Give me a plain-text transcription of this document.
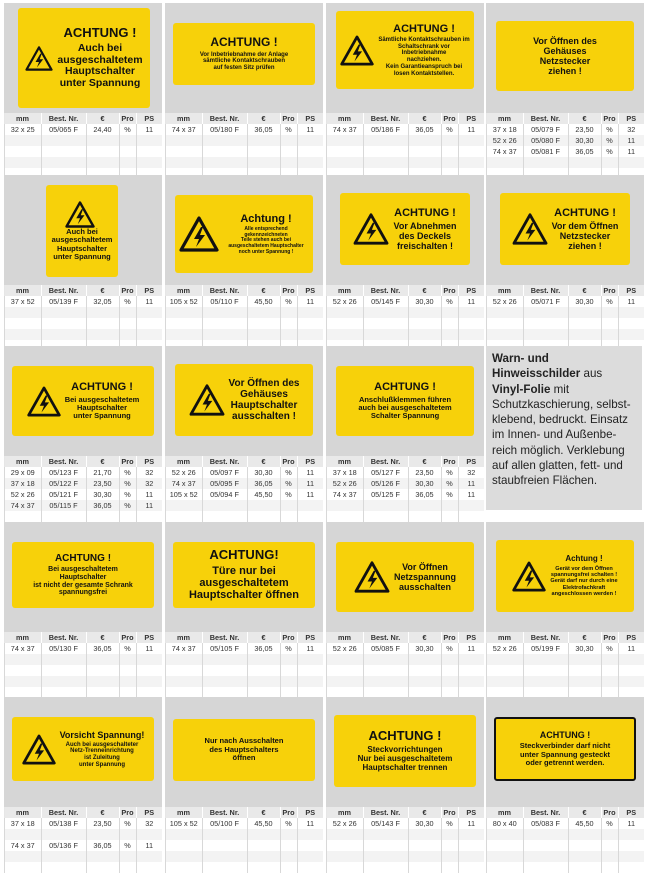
ACHTUNG !
Auch bei
ausgeschaltetem
Hauptschalter
unter Spannung
mm	Best. Nr.	€	Pro	PS
32 x 25	05/065 F	24,40	%	11

ACHTUNG !
Vor Inbetriebnahme der Anlage
sämtliche Kontaktschrauben
auf festen Sitz prüfen
mm	Best. Nr.	€	Pro	PS
74 x 37	05/180 F	36,05	%	11

ACHTUNG !
Sämtliche Kontaktschrauben im
Schaltschrank vor Inbetriebnahme
nachziehen.
Kein Garantieanspruch bei
losen Kontaktstellen.
mm	Best. Nr.	€	Pro	PS
74 x 37	05/186 F	36,05	%	11

Vor Öffnen des
Gehäuses
Netzstecker
ziehen !
mm	Best. Nr.	€	Pro	PS
37 x 18	05/079 F	23,50	%	32
52 x 26	05/080 F	30,30	%	11
74 x 37	05/081 F	36,05	%	11

Auch bei
ausgeschaltetem
Hauptschalter
unter Spannung
mm	Best. Nr.	€	Pro	PS
37 x 52	05/139 F	32,05	%	11

Achtung !
Alle entsprechend gekennzeichneten
Teile stehen auch bei
ausgeschaltetem Hauptschalter
noch unter Spannung !
mm	Best. Nr.	€	Pro	PS
105 x 52	05/110 F	45,50	%	11

ACHTUNG !
Vor Abnehmen
des Deckels
freischalten !
mm	Best. Nr.	€	Pro	PS
52 x 26	05/145 F	30,30	%	11

ACHTUNG !
Vor dem Öffnen
Netzstecker
ziehen !
mm	Best. Nr.	€	Pro	PS
52 x 26	05/071 F	30,30	%	11

ACHTUNG !
Bei ausgeschaltetem
Hauptschalter
unter Spannung
mm	Best. Nr.	€	Pro	PS
29 x 09	05/123 F	21,70	%	32
37 x 18	05/122 F	23,50	%	32
52 x 26	05/121 F	30,30	%	11
74 x 37	05/115 F	36,05	%	11

Vor Öffnen des
Gehäuses
Hauptschalter
ausschalten !
mm	Best. Nr.	€	Pro	PS
52 x 26	05/097 F	30,30	%	11
74 x 37	05/095 F	36,05	%	11
105 x 52	05/094 F	45,50	%	11

ACHTUNG !
Anschlußklemmen führen
auch bei ausgeschaltetem
Schalter Spannung
mm	Best. Nr.	€	Pro	PS
37 x 18	05/127 F	23,50	%	32
52 x 26	05/126 F	30,30	%	11
74 x 37	05/125 F	36,05	%	11

ACHTUNG !
Bei ausgeschaltetem
Hauptschalter
ist nicht der gesamte Schrank
spannungsfrei
mm	Best. Nr.	€	Pro	PS
74 x 37	05/130 F	36,05	%	11

ACHTUNG!
Türe nur bei
ausgeschaltetem
Hauptschalter öffnen
mm	Best. Nr.	€	Pro	PS
74 x 37	05/105 F	36,05	%	11

Vor Öffnen
Netzspannung
ausschalten
mm	Best. Nr.	€	Pro	PS
52 x 26	05/085 F	30,30	%	11

Achtung !
Gerät vor dem Öffnen
spannungsfrei schalten !
Gerät darf nur durch eine
Elektrofachkraft
angeschlossen werden !
mm	Best. Nr.	€	Pro	PS
52 x 26	05/199 F	30,30	%	11

Vorsicht Spannung!
Auch bei ausgeschalteter
Netz-Trenneinrichtung
ist Zuleitung
unter Spannung
mm	Best. Nr.	€	Pro	PS
37 x 18	05/138 F	23,50	%	32

74 x 37	05/136 F	36,05	%	11

Nur nach Ausschalten
des Hauptschalters
öffnen
mm	Best. Nr.	€	Pro	PS
105 x 52	05/100 F	45,50	%	11

ACHTUNG !
Steckvorrichtungen
Nur bei ausgeschaltetem
Hauptschalter trennen
mm	Best. Nr.	€	Pro	PS
52 x 26	05/143 F	30,30	%	11

ACHTUNG !
Steckverbinder darf nicht
unter Spannung gesteckt
oder getrennt werden.
mm	Best. Nr.	€	Pro	PS
80 x 40	05/083 F	45,50	%	11

Warn- und Hinweisschilder aus Vinyl-Folie mit Schutzkaschierung, selbstklebend, bedruckt. Einsatz im Innen- und Außenbereich möglich. Verklebung auf allen glatten, fett- und staubfreien Flächen.
